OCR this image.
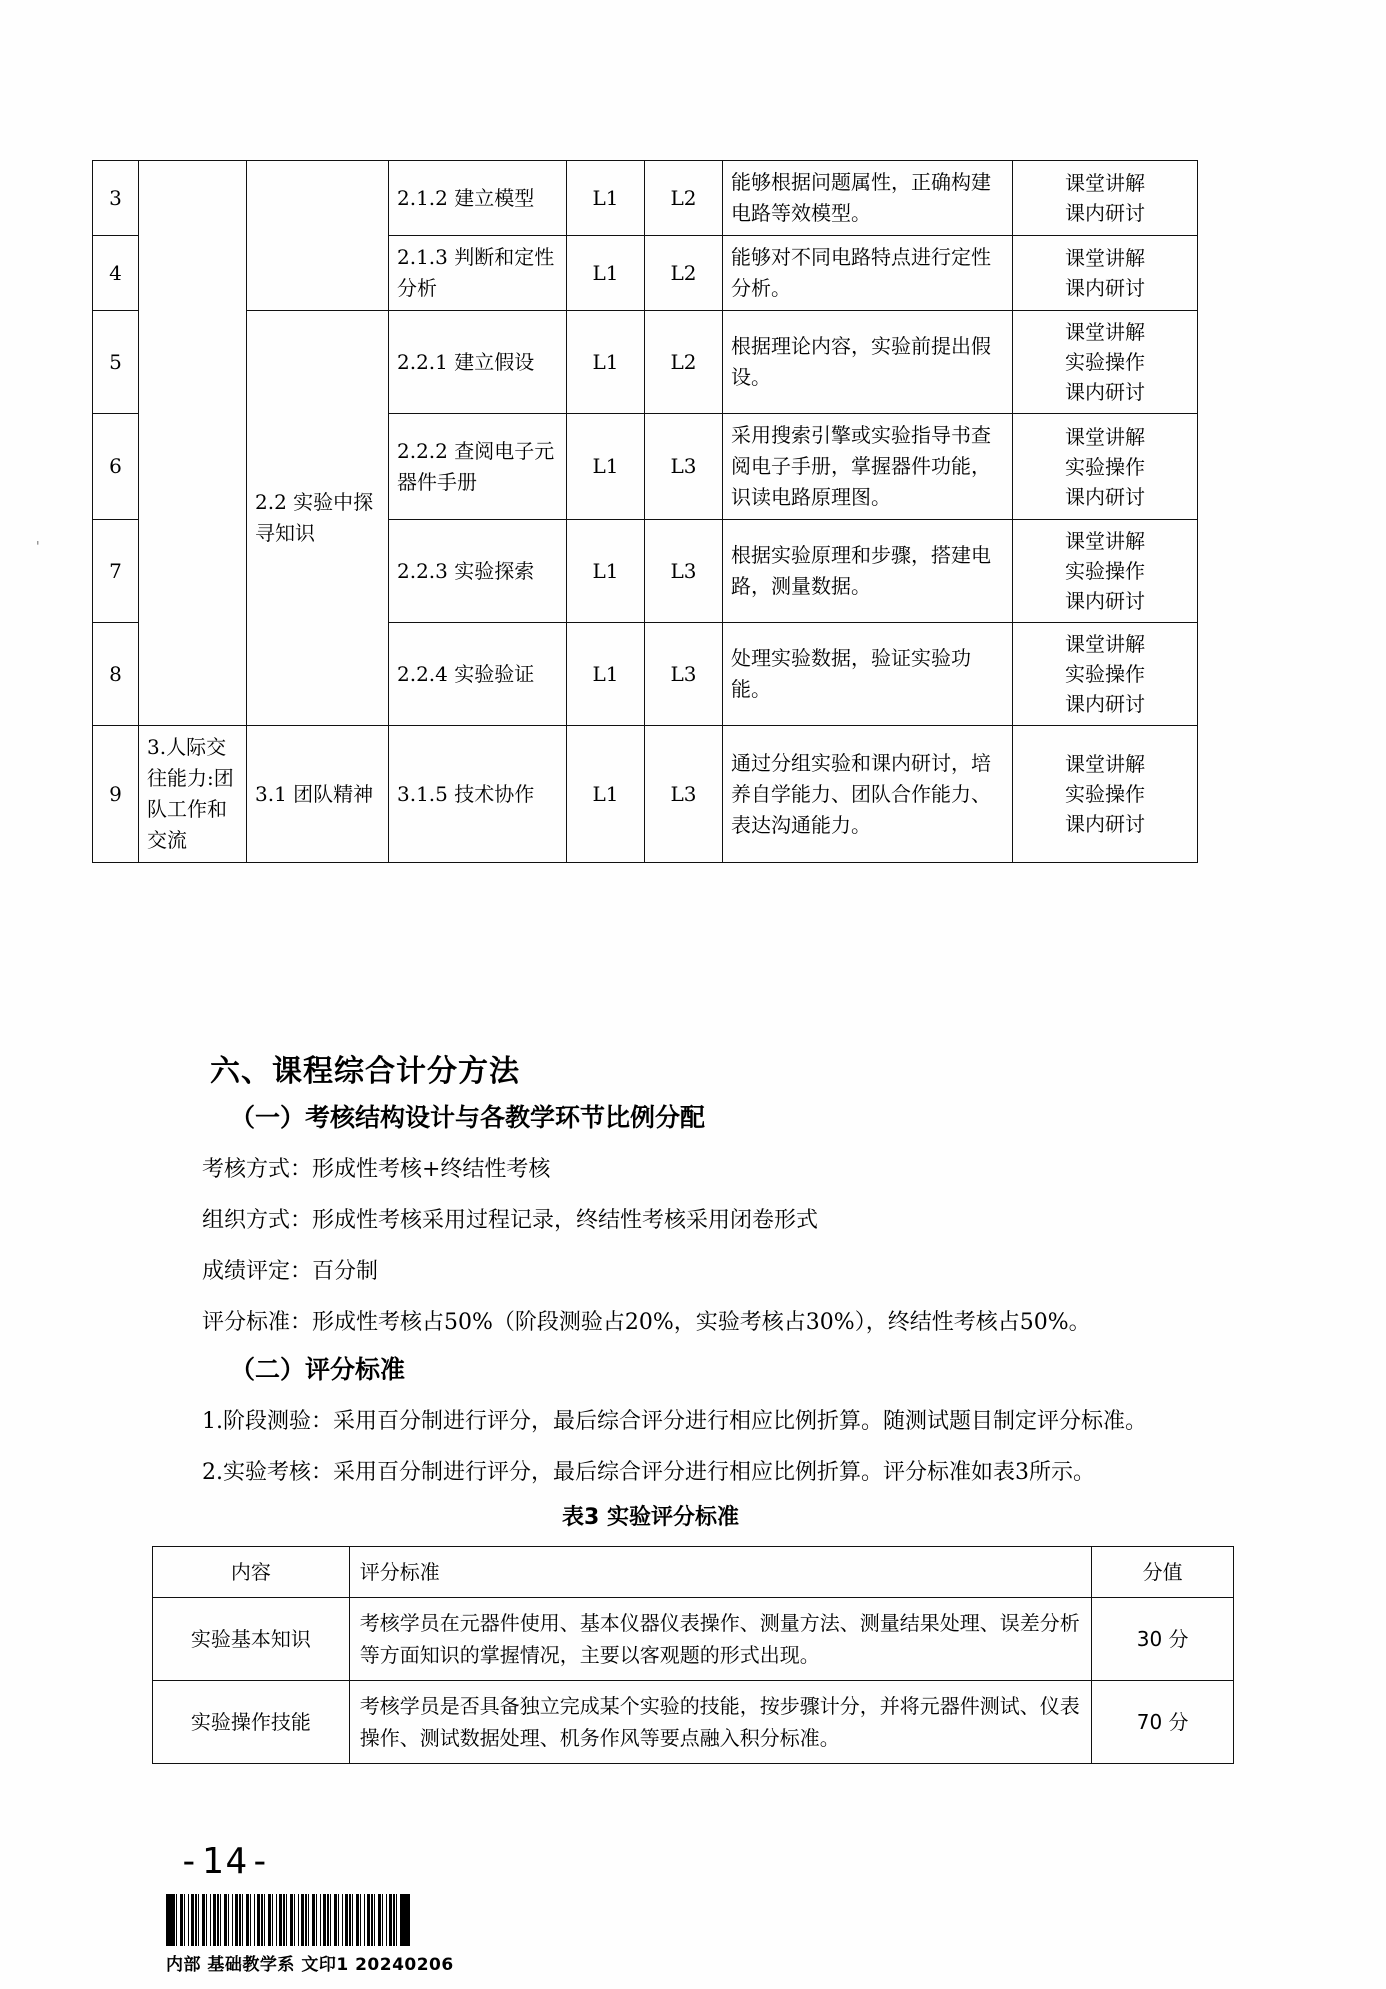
'
3			2.1.2 建立模型	L1	L2	能够根据问题属性，正确构建电路等效模型。	课堂讲解
课内研讨

4			2.1.3 判断和定性分析	L1	L2	能够对不同电路特点进行定性分析。	课堂讲解
课内研讨

5		2.2 实验中探寻知识	2.2.1 建立假设	L1	L2	根据理论内容，实验前提出假设。	课堂讲解
实验操作
课内研讨

6			2.2.2 查阅电子元器件手册	L1	L3	采用搜索引擎或实验指导书查阅电子手册，掌握器件功能，识读电路原理图。	课堂讲解
实验操作
课内研讨

7			2.2.3 实验探索	L1	L3	根据实验原理和步骤，搭建电路，测量数据。	课堂讲解
实验操作
课内研讨

8			2.2.4 实验验证	L1	L3	处理实验数据，验证实验功能。	课堂讲解
实验操作
课内研讨

9	3.人际交往能力:团队工作和交流	3.1 团队精神	3.1.5 技术协作	L1	L3	通过分组实验和课内研讨，培养自学能力、团队合作能力、表达沟通能力。	课堂讲解
实验操作
课内研讨
六、课程综合计分方法
（一）考核结构设计与各教学环节比例分配
考核方式：形成性考核+终结性考核
组织方式：形成性考核采用过程记录，终结性考核采用闭卷形式
成绩评定：百分制
评分标准：形成性考核占50%（阶段测验占20%，实验考核占30%），终结性考核占50%。
（二）评分标准
1.阶段测验：采用百分制进行评分，最后综合评分进行相应比例折算。随测试题目制定评分标准。
2.实验考核：采用百分制进行评分，最后综合评分进行相应比例折算。评分标准如表3所示。
表3 实验评分标准
内容	评分标准	分值
实验基本知识	考核学员在元器件使用、基本仪器仪表操作、测量方法、测量结果处理、误差分析等方面知识的掌握情况，主要以客观题的形式出现。	30 分
实验操作技能	考核学员是否具备独立完成某个实验的技能，按步骤计分，并将元器件测试、仪表操作、测试数据处理、机务作风等要点融入积分标准。	70 分
-14-
内部 基础教学系 文印1 20240206
